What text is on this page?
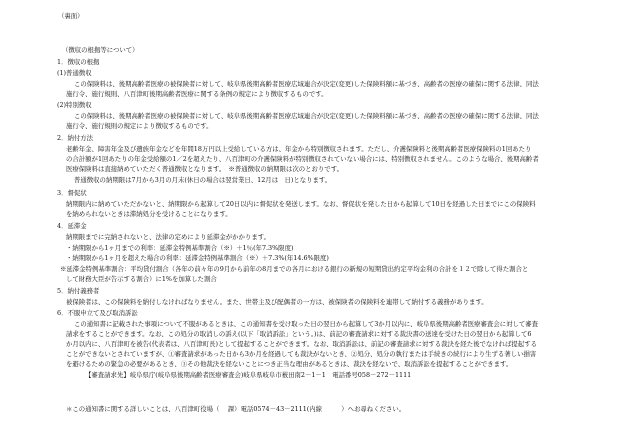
（裏面）
（徴収の根拠等について）
1．徴収の根拠
(1)普通徴収
この保険料は、後期高齢者医療の被保険者に対して、岐阜県後期高齢者医療広域連合が決定(変更)した保険料額に基づき、高齢者の医療の確保に関する法律、同法
施行令、施行規則、八百津町後期高齢者医療に関する条例の規定により徴収するものです。
(2)特別徴収
この保険料は、後期高齢者医療の被保険者に対して、岐阜県後期高齢者医療広域連合が決定(変更)した保険料額に基づき、高齢者の医療の確保に関する法律、同法
施行令、施行規則の規定により徴収するものです。
2．納付方法
老齢年金、障害年金及び遺族年金などを年間18万円以上受給している方は、年金から特別徴収されます。ただし、介護保険料と後期高齢者医療保険料の1回あたり
の合計額が1回あたりの年金受給額の1／2を超えたり、八百津町の介護保険料が特別徴収されていない場合には、特別徴収されません。このような場合、後期高齢者
医療保険料は直接納めていただく普通徴収となります。　※普通徴収の納期限は次のとおりです。
普通徴収の納期限は7月から3月の月末(休日の場合は翌営業日、12月は　日)となります。
3．督促状
納期限内に納めていただかないと、納期限から起算して20日以内に督促状を発送します。なお、督促状を発した日から起算して10日を経過した日までにこの保険料
を納められないときは滞納処分を受けることになります。
4．延滞金
納期限までに完納されないと、法律の定めにより延滞金がかかります。
・納期限から1ヶ月までの利率：延滞金特例基準割合（※）＋1％(年7.3%限度)
・納期限から1ヶ月を超えた場合の利率：延滞金特例基準割合（※）＋7.3%(年14.6%限度)
※延滞金特例基準割合：平均貸付割合（各年の前々年の9月から前年の8月までの各月における銀行の新規の短期貸出約定平均金利の合計を１２で除して得た割合と
して財務大臣が告示する割合）に1%を加算した割合
5．納付義務者
被保険者は、この保険料を納付しなければなりません。また、世帯主及び配偶者の一方は、被保険者の保険料を連帯して納付する義務があります。
6．不服申立て及び取消訴訟
この通知書に記載された事項について不服があるときは、この通知書を受け取った日の翌日から起算して3か月以内に、岐阜県後期高齢者医療審査会に対して審査
請求をすることができます。なお、この処分の取消しの訴え(以下「取消訴訟」という。)は、前記の審査請求に対する裁決書の送達を受けた日の翌日から起算して6
か月以内に、八百津町を被告(代表者は、八百津町長)として提起することができます。なお、取消訴訟は、前記の審査請求に対する裁決を経た後でなければ提起する
ことができないとされていますが、①審査請求があった日から3か月を経過しても裁決がないとき、②処分、処分の執行または手続きの続行により生ずる著しい損害
を避けるための緊急の必要があるとき、③その他裁決を経ないことにつき正当な理由があるときは、裁決を経ないで、取消訴訟を提起することができます。
【審査請求先】岐阜県庁(岐阜県後期高齢者医療審査会)岐阜県岐阜市薮田南2－1－1　電話番号058－272－1111
＊この通知書に関する詳しいことは、八百津町役場（　 課）電話0574－43－2111(内線　　　）へお尋ねください。
